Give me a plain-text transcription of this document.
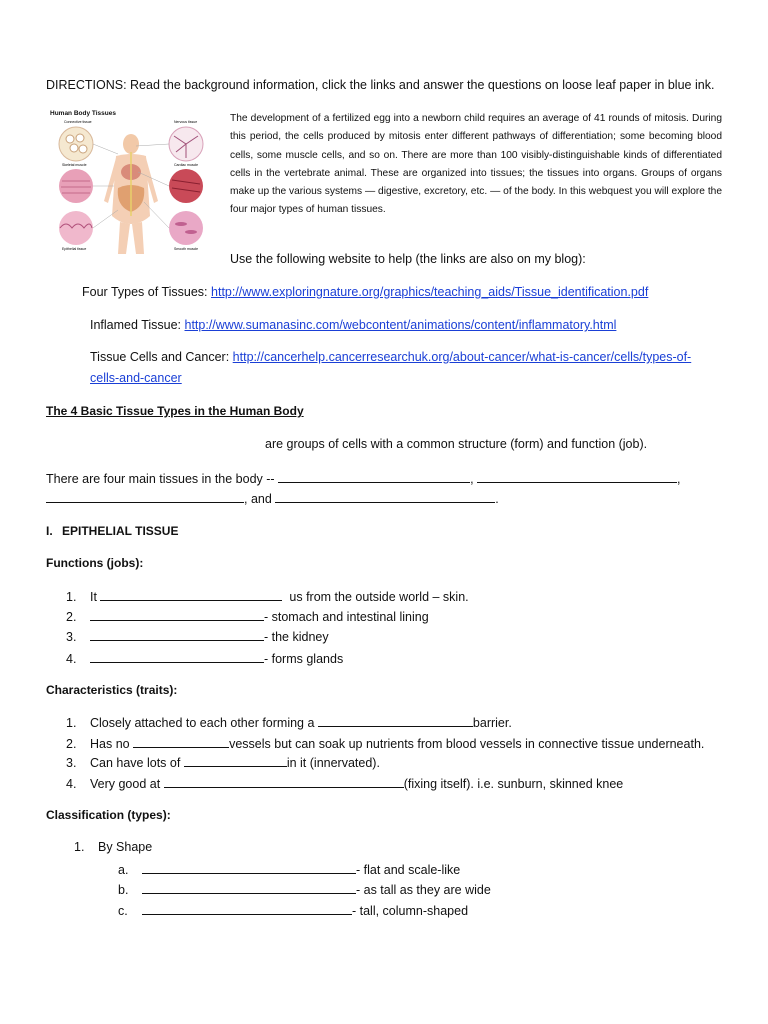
DIRECTIONS: Read the background information, click the links and answer the questions on loose leaf paper in blue ink.
Human Body Tissues
Connective tissue	Nervous tissue
Skeletal muscle	Cardiac muscle
Epithelial tissue	Smooth muscle
The development of a fertilized egg into a newborn child requires an average of 41 rounds of mitosis. During this period, the cells produced by mitosis enter different pathways of differentiation; some becoming blood cells, some muscle cells, and so on. There are more than 100 visibly-distinguishable kinds of differentiated cells in the vertebrate animal. These are organized into tissues; the tissues into organs. Groups of organs make up the various systems — digestive, excretory, etc. — of the body. In this webquest you will explore the four major types of human tissues.
Use the following website to help (the links are also on my blog):
Four Types of Tissues: http://www.exploringnature.org/graphics/teaching_aids/Tissue_identification.pdf
Inflamed Tissue: http://www.sumanasinc.com/webcontent/animations/content/inflammatory.html
Tissue Cells and Cancer: http://cancerhelp.cancerresearchuk.org/about-cancer/what-is-cancer/cells/types-of-
cells-and-cancer
The 4 Basic Tissue Types in the Human Body
are groups of cells with a common structure (form) and function (job).
There are four main tissues in the body --	,	,
, and	.
I. EPITHELIAL TISSUE
Functions (jobs):
1. It	us from the outside world – skin.
2.	- stomach and intestinal lining
3.	- the kidney
4.	- forms glands
Characteristics (traits):
1. Closely attached to each other forming a	barrier.
2. Has no	vessels but can soak up nutrients from blood vessels in connective tissue underneath.
3. Can have lots of	in it (innervated).
4. Very good at	(fixing itself). i.e. sunburn, skinned knee
Classification (types):
1. By Shape
a.	- flat and scale-like
b.	- as tall as they are wide
c.	- tall, column-shaped
